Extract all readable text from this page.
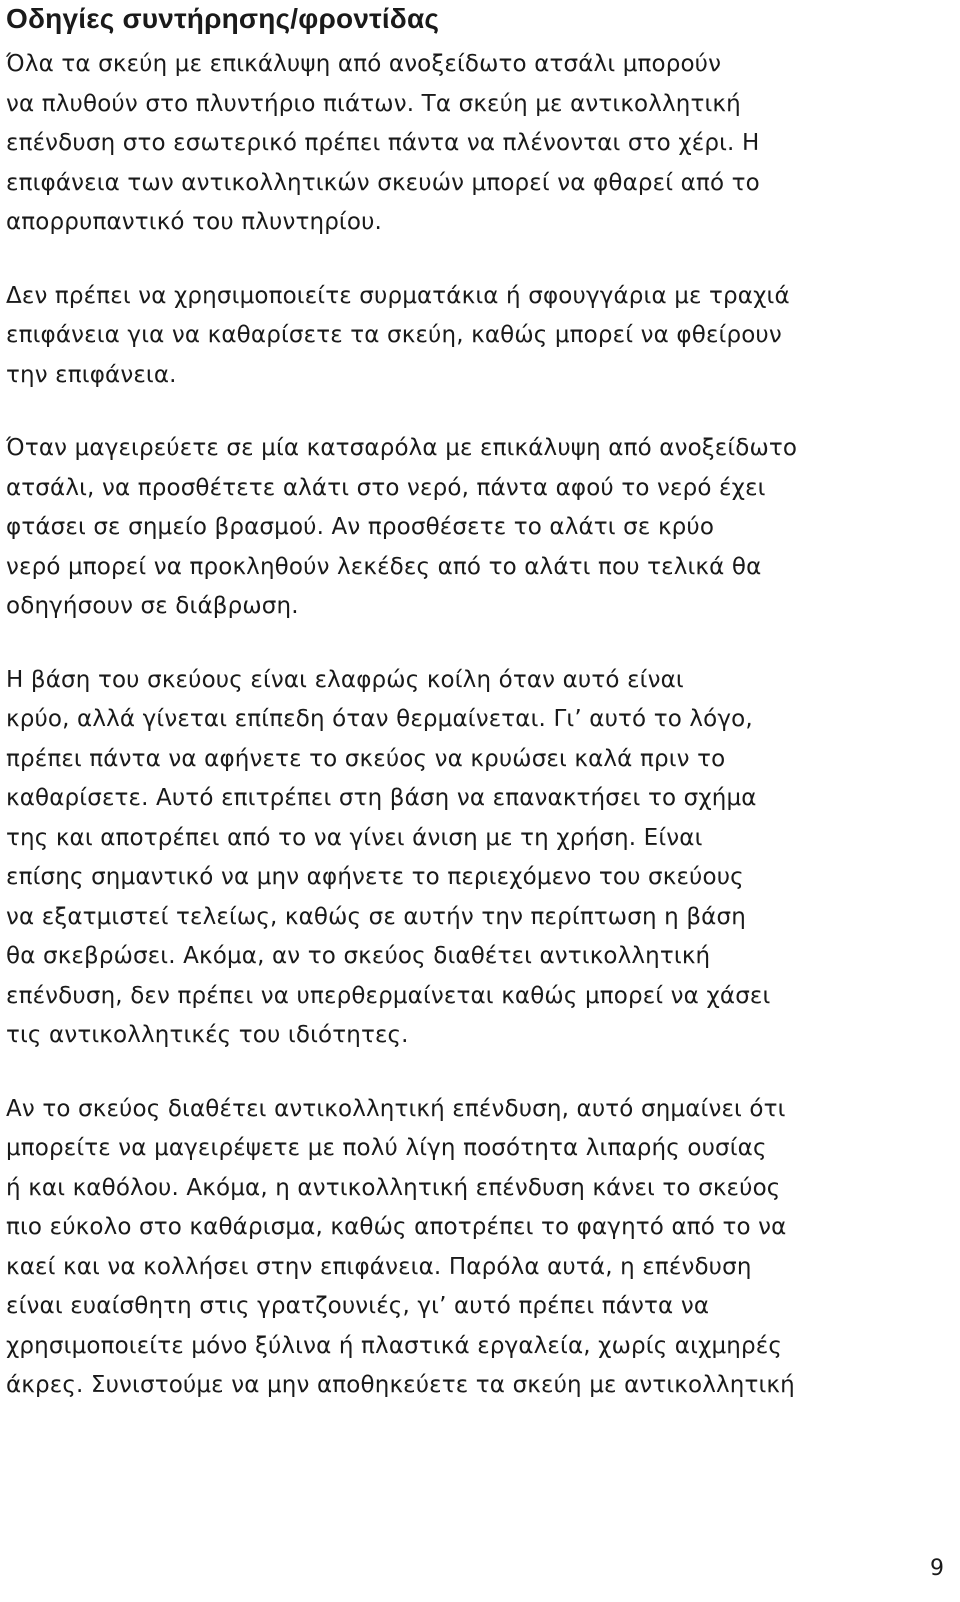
Οδηγίες συντήρησης/φροντίδας

Όλα τα σκεύη με επικάλυψη από ανοξείδωτο ατσάλι μπορούν
να πλυθούν στο πλυντήριο πιάτων. Τα σκεύη με αντικολλητική
επένδυση στο εσωτερικό πρέπει πάντα να πλένονται στο χέρι. Η
επιφάνεια των αντικολλητικών σκευών μπορεί να φθαρεί από το
απορρυπαντικό του πλυντηρίου.

Δεν πρέπει να χρησιμοποιείτε συρματάκια ή σφουγγάρια με τραχιά
επιφάνεια για να καθαρίσετε τα σκεύη, καθώς μπορεί να φθείρουν
την επιφάνεια.

Όταν μαγειρεύετε σε μία κατσαρόλα με επικάλυψη από ανοξείδωτο
ατσάλι, να προσθέτετε αλάτι στο νερό, πάντα αφού το νερό έχει
φτάσει σε σημείο βρασμού. Αν προσθέσετε το αλάτι σε κρύο
νερό μπορεί να προκληθούν λεκέδες από το αλάτι που τελικά θα
οδηγήσουν σε διάβρωση.

Η βάση του σκεύους είναι ελαφρώς κοίλη όταν αυτό είναι
κρύο, αλλά γίνεται επίπεδη όταν θερμαίνεται. Γι’ αυτό το λόγο,
πρέπει πάντα να αφήνετε το σκεύος να κρυώσει καλά πριν το
καθαρίσετε. Αυτό επιτρέπει στη βάση να επανακτήσει το σχήμα
της και αποτρέπει από το να γίνει άνιση με τη χρήση. Είναι
επίσης σημαντικό να μην αφήνετε το περιεχόμενο του σκεύους
να εξατμιστεί τελείως, καθώς σε αυτήν την περίπτωση η βάση
θα σκεβρώσει. Ακόμα, αν το σκεύος διαθέτει αντικολλητική
επένδυση, δεν πρέπει να υπερθερμαίνεται καθώς μπορεί να χάσει
τις αντικολλητικές του ιδιότητες.

Αν το σκεύος διαθέτει αντικολλητική επένδυση, αυτό σημαίνει ότι
μπορείτε να μαγειρέψετε με πολύ λίγη ποσότητα λιπαρής ουσίας
ή και καθόλου. Ακόμα, η αντικολλητική επένδυση κάνει το σκεύος
πιο εύκολο στο καθάρισμα, καθώς αποτρέπει το φαγητό από το να
καεί και να κολλήσει στην επιφάνεια. Παρόλα αυτά, η επένδυση
είναι ευαίσθητη στις γρατζουνιές, γι’ αυτό πρέπει πάντα να
χρησιμοποιείτε μόνο ξύλινα ή πλαστικά εργαλεία, χωρίς αιχμηρές
άκρες. Συνιστούμε να μην αποθηκεύετε τα σκεύη με αντικολλητική

9
